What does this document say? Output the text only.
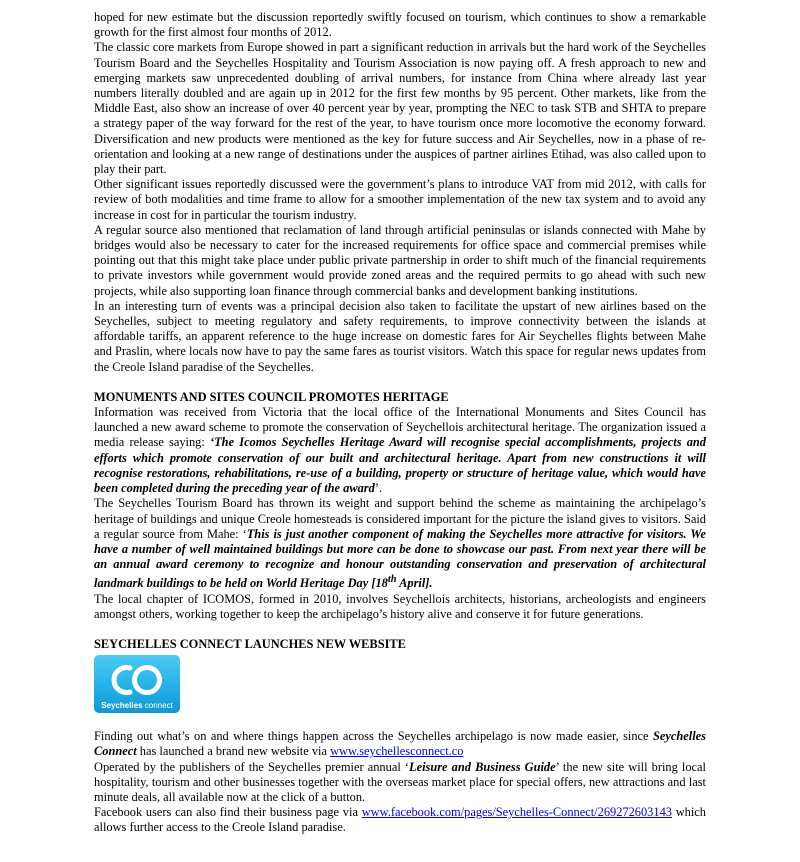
hoped for new estimate but the discussion reportedly swiftly focused on tourism, which continues to show a remarkable growth for the first almost four months of 2012.

The classic core markets from Europe showed in part a significant reduction in arrivals but the hard work of the Seychelles Tourism Board and the Seychelles Hospitality and Tourism Association is now paying off. A fresh approach to new and emerging markets saw unprecedented doubling of arrival numbers, for instance from China where already last year numbers literally doubled and are again up in 2012 for the first few months by 95 percent. Other markets, like from the Middle East, also show an increase of over 40 percent year by year, prompting the NEC to task STB and SHTA to prepare a strategy paper of the way forward for the rest of the year, to have tourism once more locomotive the economy forward. Diversification and new products were mentioned as the key for future success and Air Seychelles, now in a phase of re-orientation and looking at a new range of destinations under the auspices of partner airlines Etihad, was also called upon to play their part.

Other significant issues reportedly discussed were the government’s plans to introduce VAT from mid 2012, with calls for review of both modalities and time frame to allow for a smoother implementation of the new tax system and to avoid any increase in cost for in particular the tourism industry.

A regular source also mentioned that reclamation of land through artificial peninsulas or islands connected with Mahe by bridges would also be necessary to cater for the increased requirements for office space and commercial premises while pointing out that this might take place under public private partnership in order to shift much of the financial requirements to private investors while government would provide zoned areas and the required permits to go ahead with such new projects, while also supporting loan finance through commercial banks and development banking institutions.

In an interesting turn of events was a principal decision also taken to facilitate the upstart of new airlines based on the Seychelles, subject to meeting regulatory and safety requirements, to improve connectivity between the islands at affordable tariffs, an apparent reference to the huge increase on domestic fares for Air Seychelles flights between Mahe and Praslin, where locals now have to pay the same fares as tourist visitors. Watch this space for regular news updates from the Creole Island paradise of the Seychelles.

MONUMENTS AND SITES COUNCIL PROMOTES HERITAGE

Information was received from Victoria that the local office of the International Monuments and Sites Council has launched a new award scheme to promote the conservation of Seychellois architectural heritage. The organization issued a media release saying: ‘The Icomos Seychelles Heritage Award will recognise special accomplishments, projects and efforts which promote conservation of our built and architectural heritage. Apart from new constructions it will recognise restorations, rehabilitations, re-use of a building, property or structure of heritage value, which would have been completed during the preceding year of the award’.

The Seychelles Tourism Board has thrown its weight and support behind the scheme as maintaining the archipelago’s heritage of buildings and unique Creole homesteads is considered important for the picture the island gives to visitors. Said a regular source from Mahe: ‘This is just another component of making the Seychelles more attractive for visitors. We have a number of well maintained buildings but more can be done to showcase our past. From next year there will be an annual award ceremony to recognize and honour outstanding conservation and preservation of architectural landmark buildings to be held on World Heritage Day [18th April].

The local chapter of ICOMOS, formed in 2010, involves Seychellois architects, historians, archeologists and engineers amongst others, working together to keep the archipelago’s history alive and conserve it for future generations.

SEYCHELLES CONNECT LAUNCHES NEW WEBSITE

Seychelles connect

Finding out what’s on and where things happen across the Seychelles archipelago is now made easier, since Seychelles Connect has launched a brand new website via www.seychellesconnect.co

Operated by the publishers of the Seychelles premier annual ‘Leisure and Business Guide’ the new site will bring local hospitality, tourism and other businesses together with the overseas market place for special offers, new attractions and last minute deals, all available now at the click of a button.

Facebook users can also find their business page via www.facebook.com/pages/Seychelles-Connect/269272603143 which allows further access to the Creole Island paradise.
